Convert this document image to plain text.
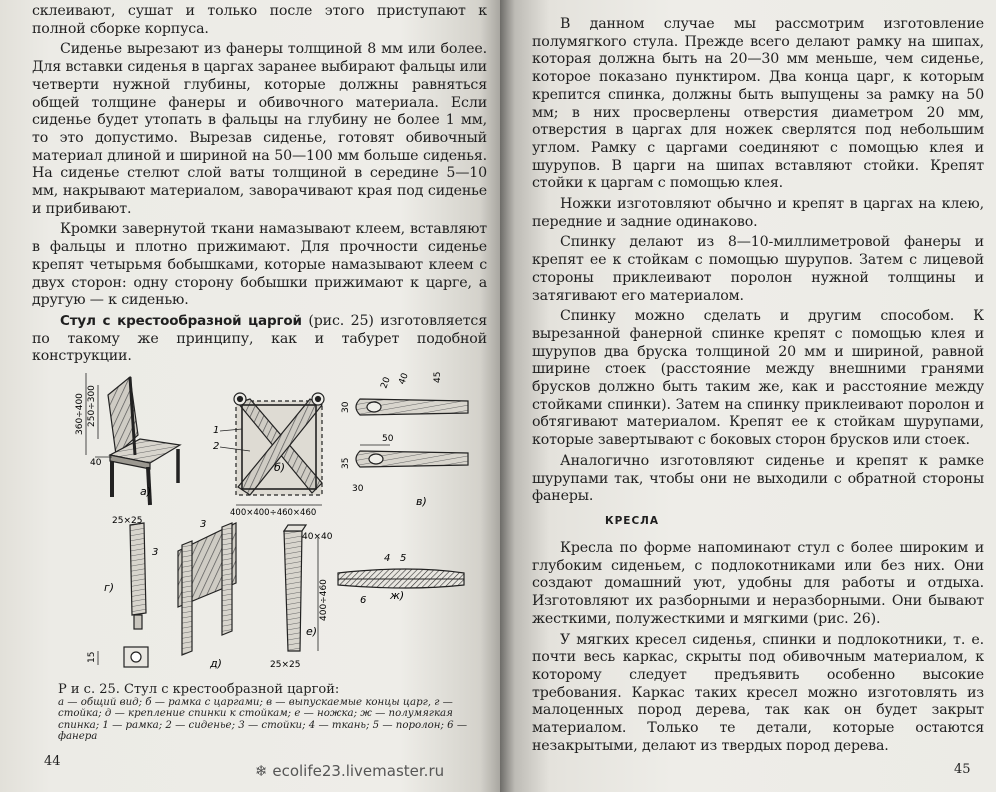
склеивают, сушат и только после этого приступают к полной сборке корпуса.

Сиденье вырезают из фанеры толщиной 8 мм или более. Для вставки сиденья в царгах заранее выбирают фальцы или четверти нужной глубины, которые должны равняться общей толщине фанеры и обивочного материала. Если сиденье будет утопать в фальцы на глубину не более 1 мм, то это допустимо. Вырезав сиденье, готовят обивочный материал длиной и шириной на 50—100 мм больше сиденья. На сиденье стелют слой ваты толщиной в середине 5—10 мм, накрывают материалом, заворачивают края под сиденье и прибивают.

Кромки завернутой ткани намазывают клеем, вставляют в фальцы и плотно прижимают. Для прочности сиденье крепят четырьмя бобышками, которые намазывают клеем с двух сторон: одну сторону бобышки прижимают к царге, а другую — к сиденью.

Стул с крестообразной царгой (рис. 25) изготовляется по такому же принципу, как и табурет подобной конструкции.

360÷400 250÷300
40
а)
1
2
б)
400×400÷460×460
20 40 45
30
50
35
30
в)
25×25
3
г)
15
3
д)
40×40
400÷460
е)
25×25
4 5
6 ж)
Р и с. 25. Стул с крестообразной царгой:
а — общий вид; б — рамка с царгами; в — выпускаемые концы царг, г — стойка; д — крепление спинки к стойкам; е — ножка; ж — полумягкая спинка; 1 — рамка; 2 — сиденье; 3 — стойки; 4 — ткань; 5 — поролон; 6 — фанера
44

В данном случае мы рассмотрим изготовление полумягкого стула. Прежде всего делают рамку на шипах, которая должна быть на 20—30 мм меньше, чем сиденье, которое показано пунктиром. Два конца царг, к которым крепится спинка, должны быть выпущены за рамку на 50 мм; в них просверлены отверстия диаметром 20 мм, отверстия в царгах для ножек сверлятся под небольшим углом. Рамку с царгами соединяют с помощью клея и шурупов. В царги на шипах вставляют стойки. Крепят стойки к царгам с помощью клея.

Ножки изготовляют обычно и крепят в царгах на клею, передние и задние одинаково.

Спинку делают из 8—10-миллиметровой фанеры и крепят ее к стойкам с помощью шурупов. Затем с лицевой стороны приклеивают поролон нужной толщины и затягивают его материалом.

Спинку можно сделать и другим способом. К вырезанной фанерной спинке крепят с помощью клея и шурупов два бруска толщиной 20 мм и шириной, равной ширине стоек (расстояние между внешними гранями брусков должно быть таким же, как и расстояние между стойками спинки). Затем на спинку приклеивают поролон и обтягивают материалом. Крепят ее к стойкам шурупами, которые завертывают с боковых сторон брусков или стоек.

Аналогично изготовляют сиденье и крепят к рамке шурупами так, чтобы они не выходили с обратной стороны фанеры.

КРЕСЛА

Кресла по форме напоминают стул с более широким и глубоким сиденьем, с подлокотниками или без них. Они создают домашний уют, удобны для работы и отдыха. Изготовляют их разборными и неразборными. Они бывают жесткими, полужесткими и мягкими (рис. 26).

У мягких кресел сиденья, спинки и подлокотники, т. е. почти весь каркас, скрыты под обивочным материалом, к которому следует предъявить особенно высокие требования. Каркас таких кресел можно изготовлять из малоценных пород дерева, так как он будет закрыт материалом. Только те детали, которые остаются незакрытыми, делают из твердых пород дерева.

45
❄ ecolife23.livemaster.ru
